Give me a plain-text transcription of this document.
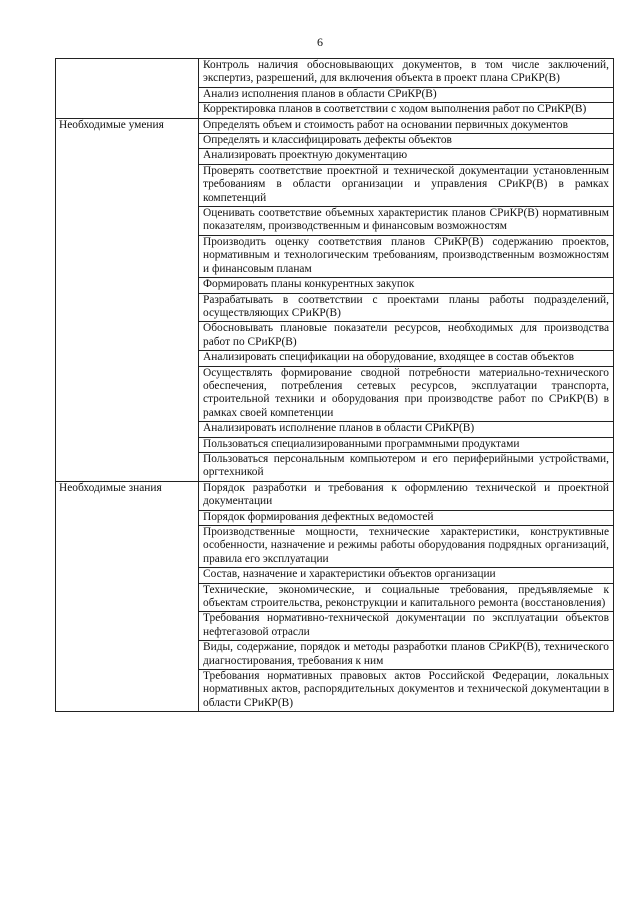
6
	Контроль наличия обосновывающих документов, в том числе заключений, экспертиз, разрешений, для включения объекта в проект плана СРиКР(В)
	Анализ исполнения планов в области СРиКР(В)
	Корректировка планов в соответствии с ходом выполнения работ по СРиКР(В)
Необходимые умения	Определять объем и стоимость работ на основании первичных документов
	Определять и классифицировать дефекты объектов
	Анализировать проектную документацию
	Проверять соответствие проектной и технической документации установленным требованиям в области организации и управления СРиКР(В) в рамках компетенций
	Оценивать соответствие объемных характеристик планов СРиКР(В) нормативным показателям, производственным и финансовым возможностям
	Производить оценку соответствия планов СРиКР(В) содержанию проектов, нормативным и технологическим требованиям, производственным возможностям и финансовым планам
	Формировать планы конкурентных закупок
	Разрабатывать в соответствии с проектами планы работы подразделений, осуществляющих СРиКР(В)
	Обосновывать плановые показатели ресурсов, необходимых для производства работ по СРиКР(В)
	Анализировать спецификации на оборудование, входящее в состав объектов
	Осуществлять формирование сводной потребности материально-технического обеспечения, потребления сетевых ресурсов, эксплуатации транспорта, строительной техники и оборудования при производстве работ по СРиКР(В) в рамках своей компетенции
	Анализировать исполнение планов в области СРиКР(В)
	Пользоваться специализированными программными продуктами
	Пользоваться персональным компьютером и его периферийными устройствами, оргтехникой
Необходимые знания	Порядок разработки и требования к оформлению технической и проектной документации
	Порядок формирования дефектных ведомостей
	Производственные мощности, технические характеристики, конструктивные особенности, назначение и режимы работы оборудования подрядных организаций, правила его эксплуатации
	Состав, назначение и характеристики объектов организации
	Технические, экономические, и социальные требования, предъявляемые к объектам строительства, реконструкции и капитального ремонта (восстановления)
	Требования нормативно-технической документации по эксплуатации объектов нефтегазовой отрасли
	Виды, содержание, порядок и методы разработки планов СРиКР(В), технического диагностирования, требования к ним
	Требования нормативных правовых актов Российской Федерации, локальных нормативных актов, распорядительных документов и технической документации в области СРиКР(В)
